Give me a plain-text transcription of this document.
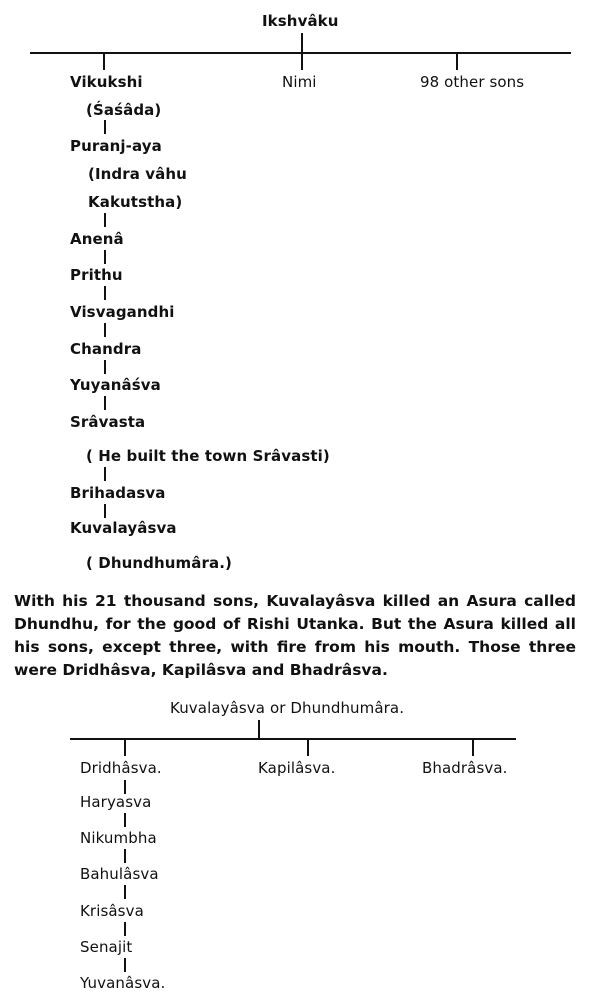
Ikshvâku
Vikukshi	Nimi	98 other sons
(Śaśâda)
Puranj-aya
(Indra vâhu
Kakutstha)
Anenâ
Prithu
Visvagandhi
Chandra
Yuyanâśva
Srâvasta
( He built the town Srâvasti)
Brihadasva
Kuvalayâsva
( Dhundhumâra.)
With his 21 thousand sons, Kuvalayâsva killed an Asura called Dhundhu, for the good of Rishi Utanka. But the Asura killed all his sons, except three, with fire from his mouth. Those three were Dridhâsva, Kapilâsva and Bhadrâsva.
Kuvalayâsva or Dhundhumâra.
Dridhâsva.	Kapilâsva.	Bhadrâsva.
Haryasva
Nikumbha
Bahulâsva
Krisâsva
Senajit
Yuvanâsva.
